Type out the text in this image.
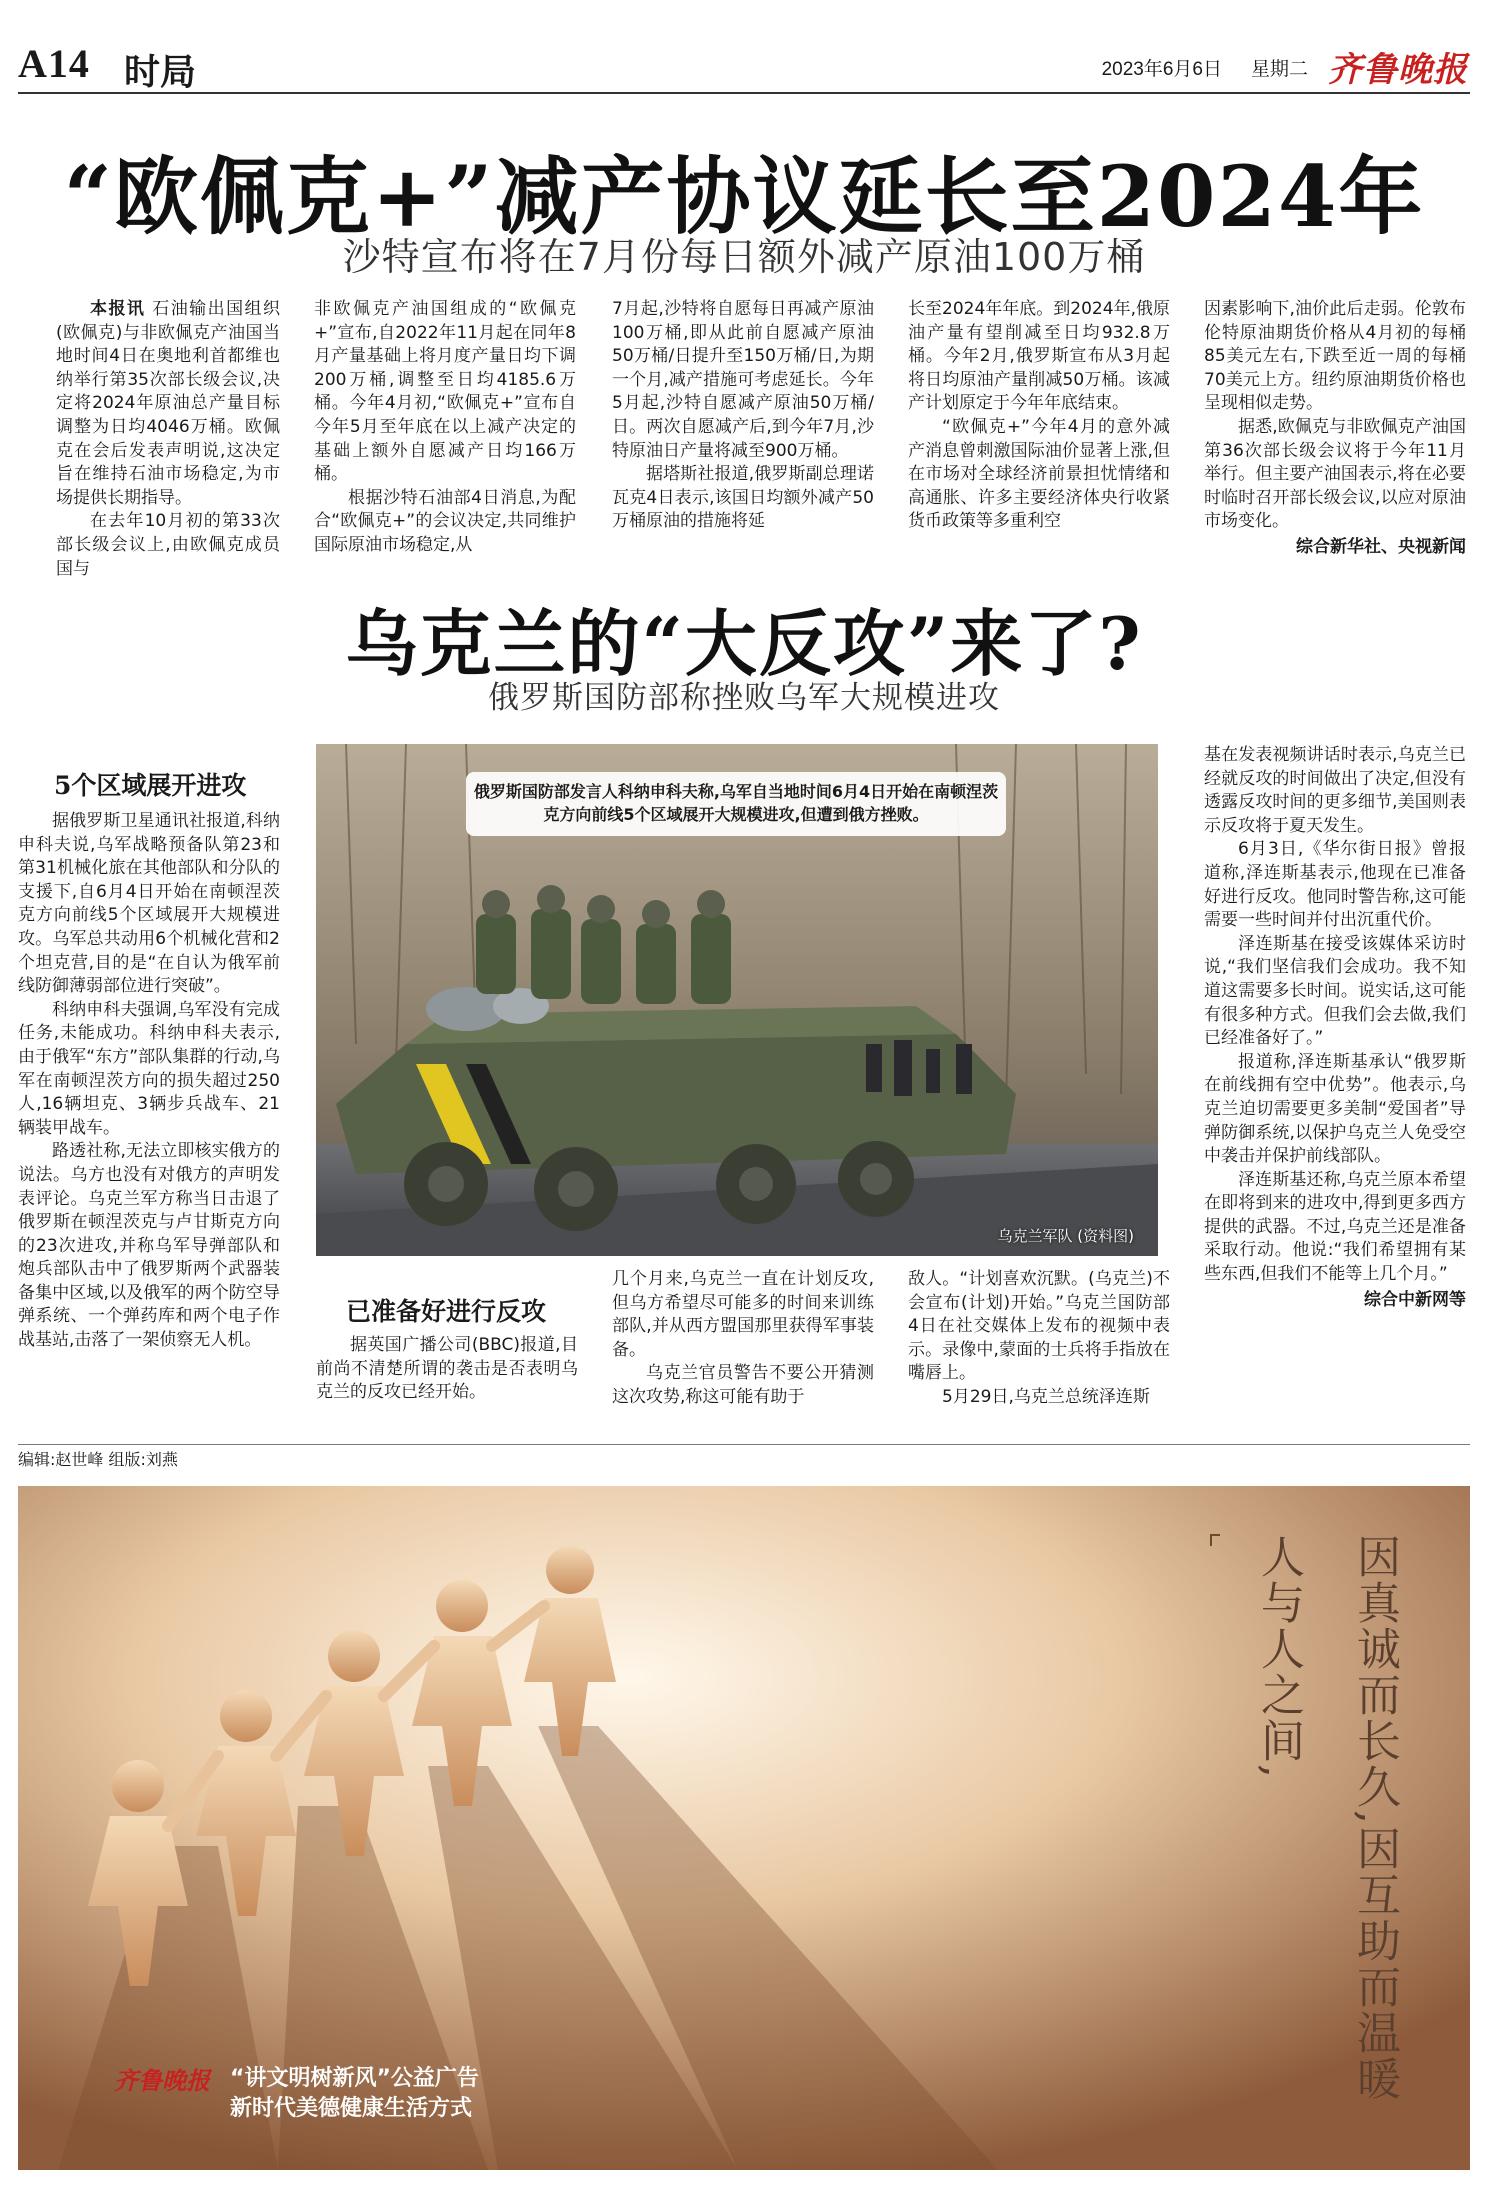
A14 时局	2023年6月6日 星期二 齐鲁晚报
“欧佩克+”减产协议延长至2024年
沙特宣布将在7月份每日额外减产原油100万桶

本报讯 石油输出国组织(欧佩克)与非欧佩克产油国当地时间4日在奥地利首都维也纳举行第35次部长级会议,决定将2024年原油总产量目标调整为日均4046万桶。欧佩克在会后发表声明说,这决定旨在维持石油市场稳定,为市场提供长期指导。

在去年10月初的第33次部长级会议上,由欧佩克成员国与

非欧佩克产油国组成的“欧佩克+”宣布,自2022年11月起在同年8月产量基础上将月度产量日均下调200万桶,调整至日均4185.6万桶。今年4月初,“欧佩克+”宣布自今年5月至年底在以上减产决定的基础上额外自愿减产日均166万桶。

根据沙特石油部4日消息,为配合“欧佩克+”的会议决定,共同维护国际原油市场稳定,从

7月起,沙特将自愿每日再减产原油100万桶,即从此前自愿减产原油50万桶/日提升至150万桶/日,为期一个月,减产措施可考虑延长。今年5月起,沙特自愿减产原油50万桶/日。两次自愿减产后,到今年7月,沙特原油日产量将减至900万桶。

据塔斯社报道,俄罗斯副总理诺瓦克4日表示,该国日均额外减产50万桶原油的措施将延

长至2024年年底。到2024年,俄原油产量有望削减至日均932.8万桶。今年2月,俄罗斯宣布从3月起将日均原油产量削减50万桶。该减产计划原定于今年年底结束。

“欧佩克+”今年4月的意外减产消息曾刺激国际油价显著上涨,但在市场对全球经济前景担忧情绪和高通胀、许多主要经济体央行收紧货币政策等多重利空

因素影响下,油价此后走弱。伦敦布伦特原油期货价格从4月初的每桶85美元左右,下跌至近一周的每桶70美元上方。纽约原油期货价格也呈现相似走势。

据悉,欧佩克与非欧佩克产油国第36次部长级会议将于今年11月举行。但主要产油国表示,将在必要时临时召开部长级会议,以应对原油市场变化。

综合新华社、央视新闻

乌克兰的“大反攻”来了?
俄罗斯国防部称挫败乌军大规模进攻
5个区域展开进攻

据俄罗斯卫星通讯社报道,科纳申科夫说,乌军战略预备队第23和第31机械化旅在其他部队和分队的支援下,自6月4日开始在南顿涅茨克方向前线5个区域展开大规模进攻。乌军总共动用6个机械化营和2个坦克营,目的是“在自认为俄军前线防御薄弱部位进行突破”。

科纳申科夫强调,乌军没有完成任务,未能成功。科纳申科夫表示,由于俄军“东方”部队集群的行动,乌军在南顿涅茨方向的损失超过250人,16辆坦克、3辆步兵战车、21辆装甲战车。

路透社称,无法立即核实俄方的说法。乌方也没有对俄方的声明发表评论。乌克兰军方称当日击退了俄罗斯在顿涅茨克与卢甘斯克方向的23次进攻,并称乌军导弹部队和炮兵部队击中了俄罗斯两个武器装备集中区域,以及俄军的两个防空导弹系统、一个弹药库和两个电子作战基站,击落了一架侦察无人机。

俄罗斯国防部发言人科纳申科夫称,乌军自当地时间6月4日开始在南顿涅茨克方向前线5个区域展开大规模进攻,但遭到俄方挫败。
乌克兰军队 (资料图)
已准备好进行反攻

据英国广播公司(BBC)报道,目前尚不清楚所谓的袭击是否表明乌克兰的反攻已经开始。

几个月来,乌克兰一直在计划反攻,但乌方希望尽可能多的时间来训练部队,并从西方盟国那里获得军事装备。

乌克兰官员警告不要公开猜测这次攻势,称这可能有助于

敌人。“计划喜欢沉默。(乌克兰)不会宣布(计划)开始。”乌克兰国防部4日在社交媒体上发布的视频中表示。录像中,蒙面的士兵将手指放在嘴唇上。

5月29日,乌克兰总统泽连斯

基在发表视频讲话时表示,乌克兰已经就反攻的时间做出了决定,但没有透露反攻时间的更多细节,美国则表示反攻将于夏天发生。

6月3日,《华尔街日报》曾报道称,泽连斯基表示,他现在已准备好进行反攻。他同时警告称,这可能需要一些时间并付出沉重代价。

泽连斯基在接受该媒体采访时说,“我们坚信我们会成功。我不知道这需要多长时间。说实话,这可能有很多种方式。但我们会去做,我们已经准备好了。”

报道称,泽连斯基承认“俄罗斯在前线拥有空中优势”。他表示,乌克兰迫切需要更多美制“爱国者”导弹防御系统,以保护乌克兰人免受空中袭击并保护前线部队。

泽连斯基还称,乌克兰原本希望在即将到来的进攻中,得到更多西方提供的武器。不过,乌克兰还是准备采取行动。他说:“我们希望拥有某些东西,但我们不能等上几个月。”

综合中新网等

编辑:赵世峰 组版:刘燕
因真诚而长久,因互助而温暖
人与人之间,
齐鲁晚报 “讲文明树新风”公益广告
新时代美德健康生活方式
